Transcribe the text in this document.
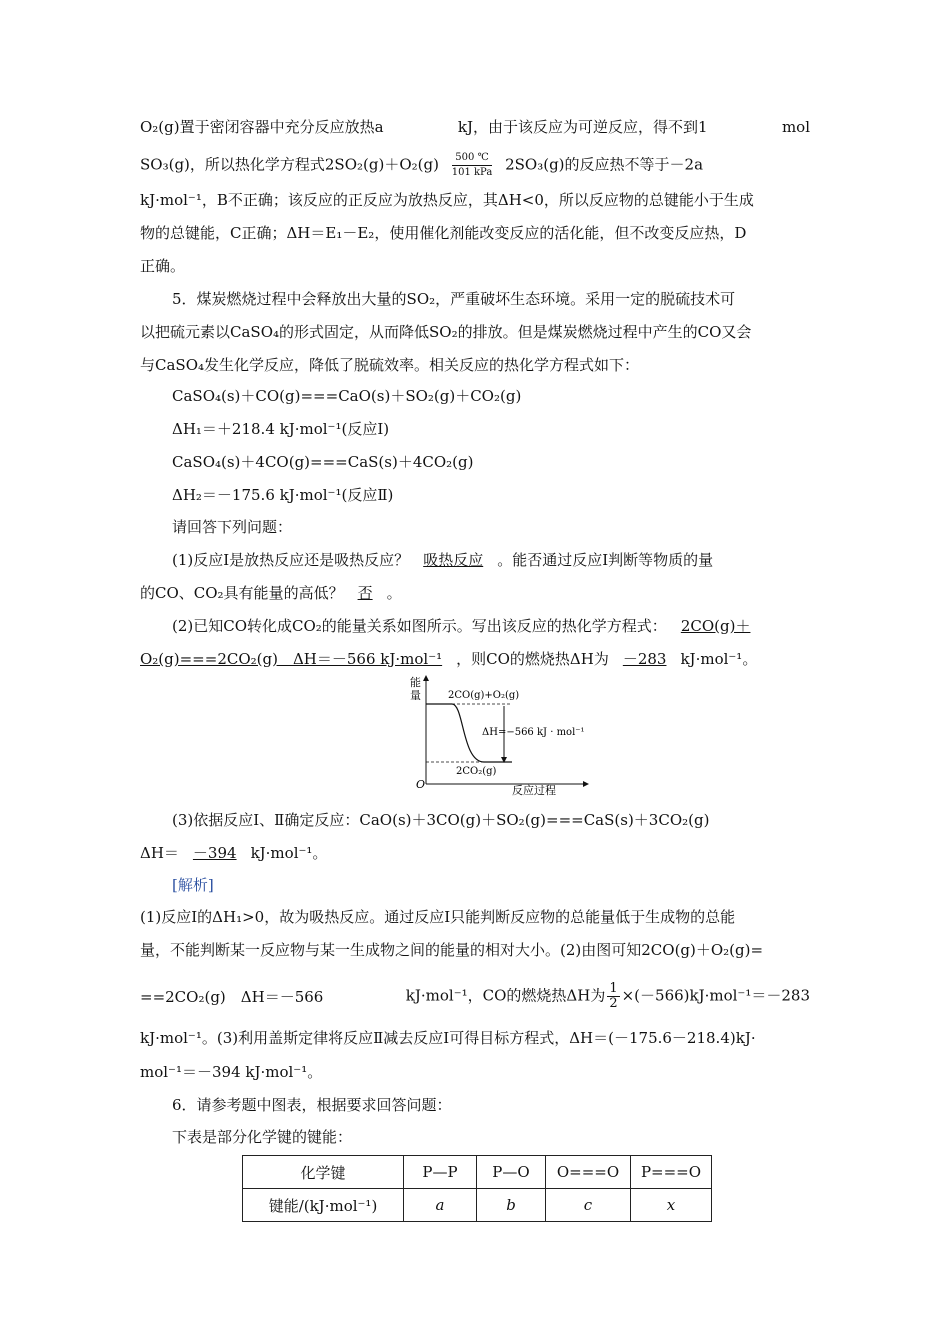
O₂(g)置于密闭容器中充分反应放热a	kJ，由于该反应为可逆反应，得不到1	mol
SO₃(g)，所以热化学方程式2SO₂(g)＋O₂(g) 500 ℃
101 kPa 2SO₃(g)的反应热不等于－2a
kJ·mol⁻¹，B不正确；该反应的正反应为放热反应，其ΔH<0，所以反应物的总键能小于生成
物的总键能，C正确；ΔH＝E₁－E₂，使用催化剂能改变反应的活化能，但不改变反应热，D
正确。
5．煤炭燃烧过程中会释放出大量的SO₂，严重破坏生态环境。采用一定的脱硫技术可
以把硫元素以CaSO₄的形式固定，从而降低SO₂的排放。但是煤炭燃烧过程中产生的CO又会
与CaSO₄发生化学反应，降低了脱硫效率。相关反应的热化学方程式如下：
CaSO₄(s)＋CO(g)===CaO(s)＋SO₂(g)＋CO₂(g)
ΔH₁＝＋218.4 kJ·mol⁻¹(反应Ⅰ)
CaSO₄(s)＋4CO(g)===CaS(s)＋4CO₂(g)
ΔH₂＝－175.6 kJ·mol⁻¹(反应Ⅱ)
请回答下列问题：
(1)反应Ⅰ是放热反应还是吸热反应？ 吸热反应 。能否通过反应Ⅰ判断等物质的量
的CO、CO₂具有能量的高低？ 否 。
(2)已知CO转化成CO₂的能量关系如图所示。写出该反应的热化学方程式： 2CO(g)＋
O₂(g)===2CO₂(g)　ΔH＝－566 kJ·mol⁻¹ ，则CO的燃烧热ΔH为 －283 kJ·mol⁻¹。
能
量
O	反应过程
2CO(g)+O₂(g)
ΔH=−566 kJ · mol⁻¹
2CO₂(g)
(3)依据反应Ⅰ、Ⅱ确定反应：CaO(s)＋3CO(g)＋SO₂(g)===CaS(s)＋3CO₂(g)
ΔH＝ －394 kJ·mol⁻¹。
[解析]
(1)反应Ⅰ的ΔH₁>0，故为吸热反应。通过反应Ⅰ只能判断反应物的总能量低于生成物的总能
量，不能判断某一反应物与某一生成物之间的能量的相对大小。(2)由图可知2CO(g)＋O₂(g)=
==2CO₂(g)　ΔH＝－566	kJ·mol⁻¹，CO的燃烧热ΔH为 $\frac{1}{2} \times(-566)kJ\cdot mol^{-1}=-283$
kJ·mol⁻¹。(3)利用盖斯定律将反应Ⅱ减去反应Ⅰ可得目标方程式，ΔH＝(－175.6－218.4)kJ·
mol⁻¹＝－394 kJ·mol⁻¹。
6．请参考题中图表，根据要求回答问题：
下表是部分化学键的键能：
化学键	P—P	P—O	O===O	P===O
键能/(kJ·mol⁻¹)	a	b	c	x
